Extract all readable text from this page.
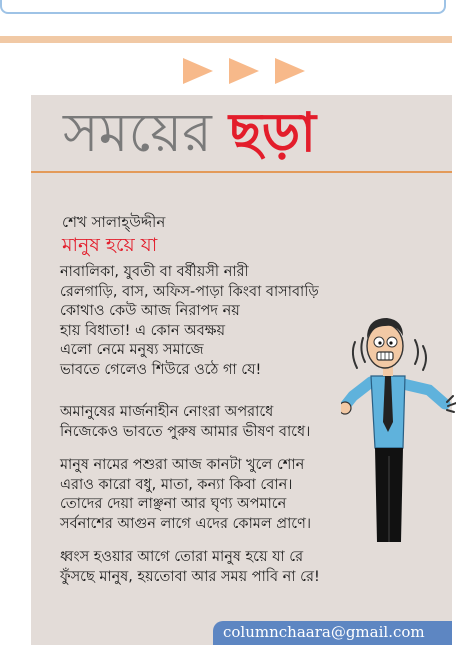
সময়ের ছড়া
শেখ সালাহ্উদ্দীন
মানুষ হয়ে যা
নাবালিকা, যুবতী বা বর্ষীয়সী নারী
রেলগাড়ি, বাস, অফিস-পাড়া কিংবা বাসাবাড়ি
কোথাও কেউ আজ নিরাপদ নয়
হায় বিধাতা! এ কোন অবক্ষয়
এলো নেমে মনুষ্য সমাজে
ভাবতে গেলেও শিউরে ওঠে গা যে!
অমানুষের মার্জনাহীন নোংরা অপরাধে
নিজেকেও ভাবতে পুরুষ আমার ভীষণ বাধে।
মানুষ নামের পশুরা আজ কানটা খুলে শোন
এরাও কারো বধু, মাতা, কন্যা কিবা বোন।
তোদের দেয়া লাঞ্ছনা আর ঘৃণ্য অপমানে
সর্বনাশের আগুন লাগে এদের কোমল প্রাণে।
ধ্বংস হওয়ার আগে তোরা মানুষ হয়ে যা রে
ফুঁসছে মানুষ, হয়তোবা আর সময় পাবি না রে!
columnchaara@gmail.com
